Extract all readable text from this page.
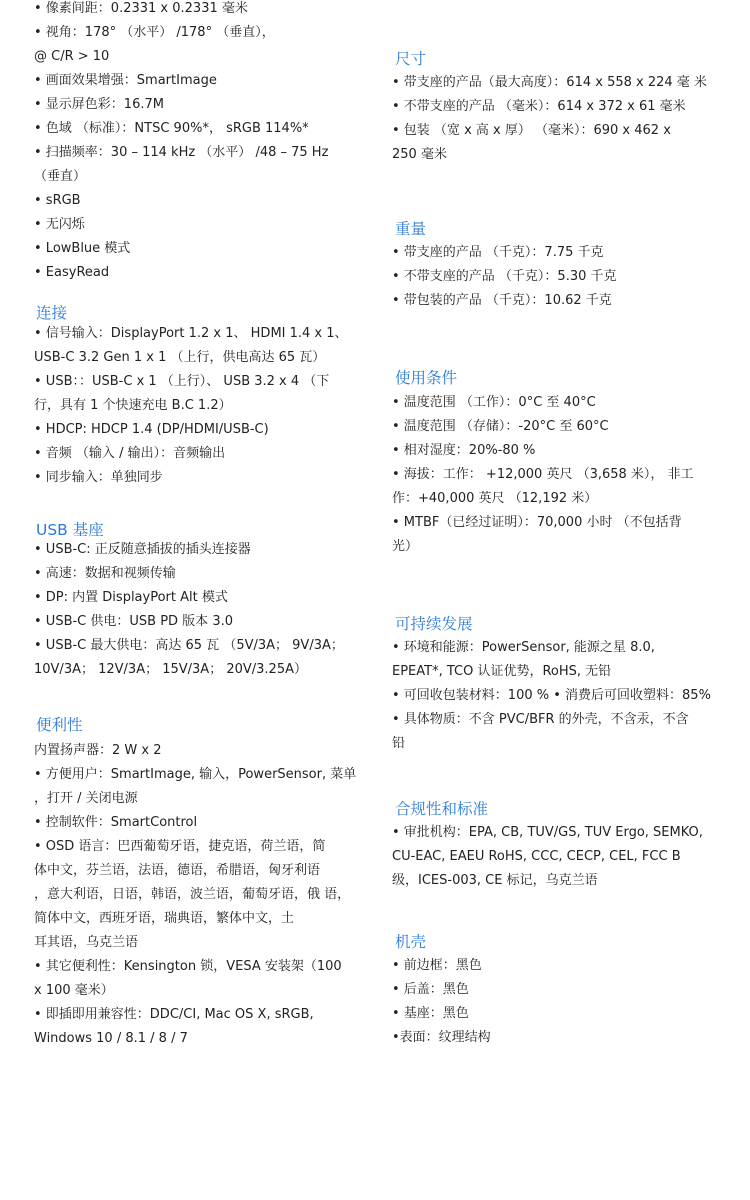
• 像素间距：0.2331 x 0.2331 毫米
• 视角：178° （水平） /178° （垂直），
@ C/R > 10
• 画面效果增强：SmartImage
• 显示屏色彩：16.7M
• 色域 （标准）：NTSC 90%*， sRGB 114%*
• 扫描频率：30 – 114 kHz （水平） /48 – 75 Hz
（垂直）
• sRGB
• 无闪烁
• LowBlue 模式
• EasyRead
连接
• 信号输入：DisplayPort 1.2 x 1、 HDMI 1.4 x 1、
USB-C 3.2 Gen 1 x 1 （上行，供电高达 65 瓦）
• USB：：USB-C x 1 （上行）、 USB 3.2 x 4 （下
行，具有 1 个快速充电 B.C 1.2）
• HDCP: HDCP 1.4 (DP/HDMI/USB-C)
• 音频 （输入 / 输出）：音频输出
• 同步输入：单独同步
USB 基座
• USB-C: 正反随意插拔的插头连接器
• 高速：数据和视频传输
• DP: 内置 DisplayPort Alt 模式
• USB-C 供电：USB PD 版本 3.0
• USB-C 最大供电：高达 65 瓦 （5V/3A； 9V/3A；
10V/3A； 12V/3A； 15V/3A； 20V/3.25A）
便利性
内置扬声器：2 W x 2
• 方便用户：SmartImage, 输入，PowerSensor, 菜单
，打开 / 关闭电源
• 控制软件：SmartControl
• OSD 语言：巴西葡萄牙语，捷克语，荷兰语，简
体中文，芬兰语，法语，德语，希腊语，匈牙利语
，意大利语，日语，韩语，波兰语，葡萄牙语，俄 语，
简体中文，西班牙语，瑞典语，繁体中文，土
耳其语，乌克兰语
• 其它便利性：Kensington 锁，VESA 安装架（100
x 100 毫米）
• 即插即用兼容性：DDC/CI, Mac OS X, sRGB,
Windows 10 / 8.1 / 8 / 7
尺寸
• 带支座的产品（最大高度）：614 x 558 x 224 毫 米
• 不带支座的产品 （毫米）：614 x 372 x 61 毫米
• 包装 （宽 x 高 x 厚） （毫米）：690 x 462 x
250 毫米
重量
• 带支座的产品 （千克）：7.75 千克
• 不带支座的产品 （千克）：5.30 千克
• 带包装的产品 （千克）：10.62 千克
使用条件
• 温度范围 （工作）：0°C 至 40°C
• 温度范围 （存储）：-20°C 至 60°C
• 相对湿度：20%-80 %
• 海拔：工作： +12,000 英尺 （3,658 米）， 非工
作：+40,000 英尺 （12,192 米）
• MTBF（已经过证明）：70,000 小时 （不包括背
光）
可持续发展
• 环境和能源：PowerSensor, 能源之星 8.0,
EPEAT*, TCO 认证优势，RoHS, 无铅
• 可回收包装材料：100 % • 消费后可回收塑料：85%
• 具体物质：不含 PVC/BFR 的外壳，不含汞，不含
铅
合规性和标准
• 审批机构：EPA, CB, TUV/GS, TUV Ergo, SEMKO,
CU-EAC, EAEU RoHS, CCC, CECP, CEL, FCC B
级，ICES-003, CE 标记，乌克兰语
机壳
• 前边框：黑色
• 后盖：黑色
• 基座：黑色
•表面：纹理结构
